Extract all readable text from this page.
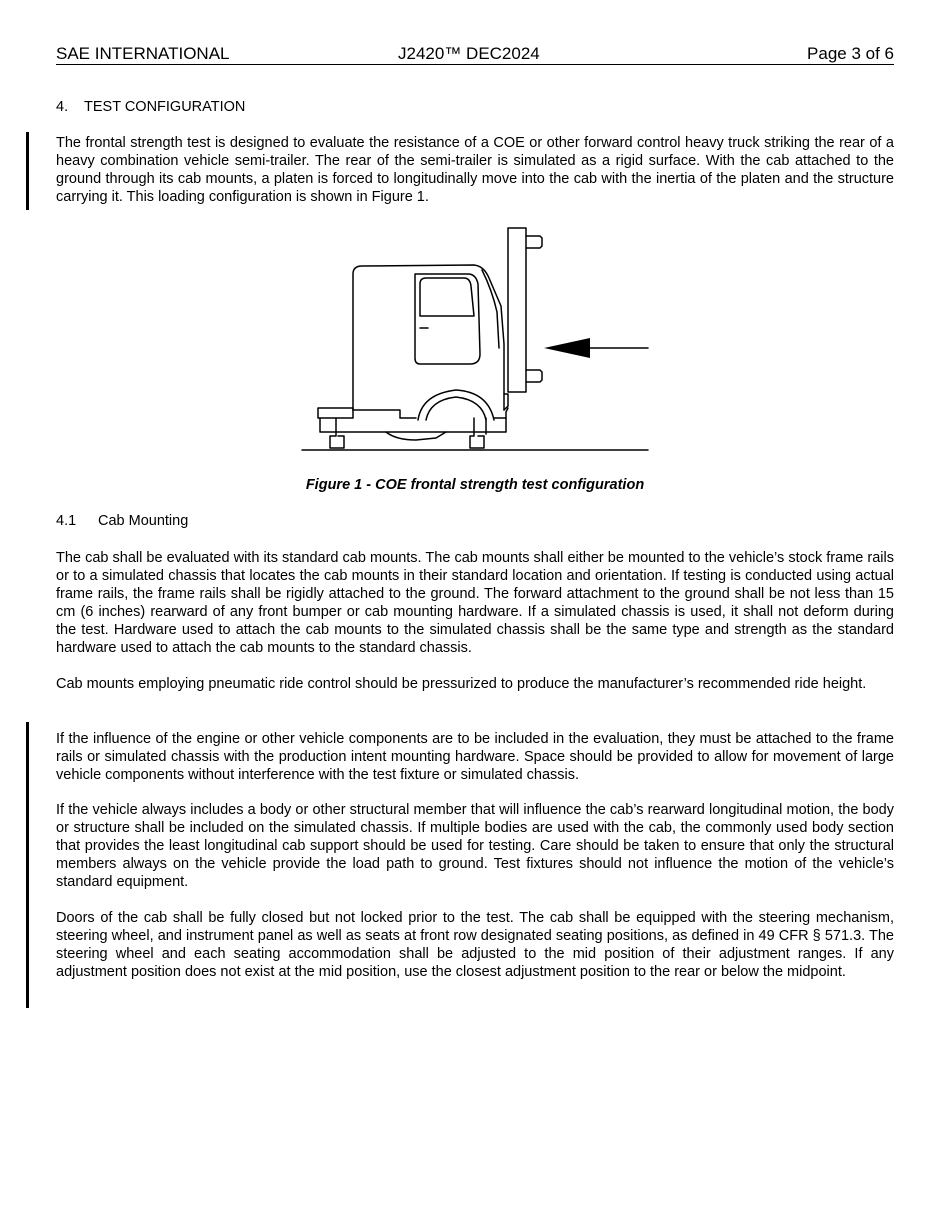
SAE INTERNATIONAL	J2420™ DEC2024	Page 3 of 6
4. TEST CONFIGURATION
The frontal strength test is designed to evaluate the resistance of a COE or other forward control heavy truck striking the rear of a heavy combination vehicle semi-trailer. The rear of the semi-trailer is simulated as a rigid surface. With the cab attached to the ground through its cab mounts, a platen is forced to longitudinally move into the cab with the inertia of the platen and the structure carrying it. This loading configuration is shown in Figure 1.
Figure 1 - COE frontal strength test configuration
4.1 Cab Mounting
The cab shall be evaluated with its standard cab mounts. The cab mounts shall either be mounted to the vehicle’s stock frame rails or to a simulated chassis that locates the cab mounts in their standard location and orientation. If testing is conducted using actual frame rails, the frame rails shall be rigidly attached to the ground. The forward attachment to the ground shall be not less than 15 cm (6 inches) rearward of any front bumper or cab mounting hardware. If a simulated chassis is used, it shall not deform during the test. Hardware used to attach the cab mounts to the simulated chassis shall be the same type and strength as the standard hardware used to attach the cab mounts to the standard chassis.
Cab mounts employing pneumatic ride control should be pressurized to produce the manufacturer’s recommended ride height.
If the influence of the engine or other vehicle components are to be included in the evaluation, they must be attached to the frame rails or simulated chassis with the production intent mounting hardware. Space should be provided to allow for movement of large vehicle components without interference with the test fixture or simulated chassis.
If the vehicle always includes a body or other structural member that will influence the cab’s rearward longitudinal motion, the body or structure shall be included on the simulated chassis. If multiple bodies are used with the cab, the commonly used body section that provides the least longitudinal cab support should be used for testing. Care should be taken to ensure that only the structural members always on the vehicle provide the load path to ground. Test fixtures should not influence the motion of the vehicle’s standard equipment.
Doors of the cab shall be fully closed but not locked prior to the test. The cab shall be equipped with the steering mechanism, steering wheel, and instrument panel as well as seats at front row designated seating positions, as defined in 49 CFR § 571.3. The steering wheel and each seating accommodation shall be adjusted to the mid position of their adjustment ranges. If any adjustment position does not exist at the mid position, use the closest adjustment position to the rear or below the midpoint.
